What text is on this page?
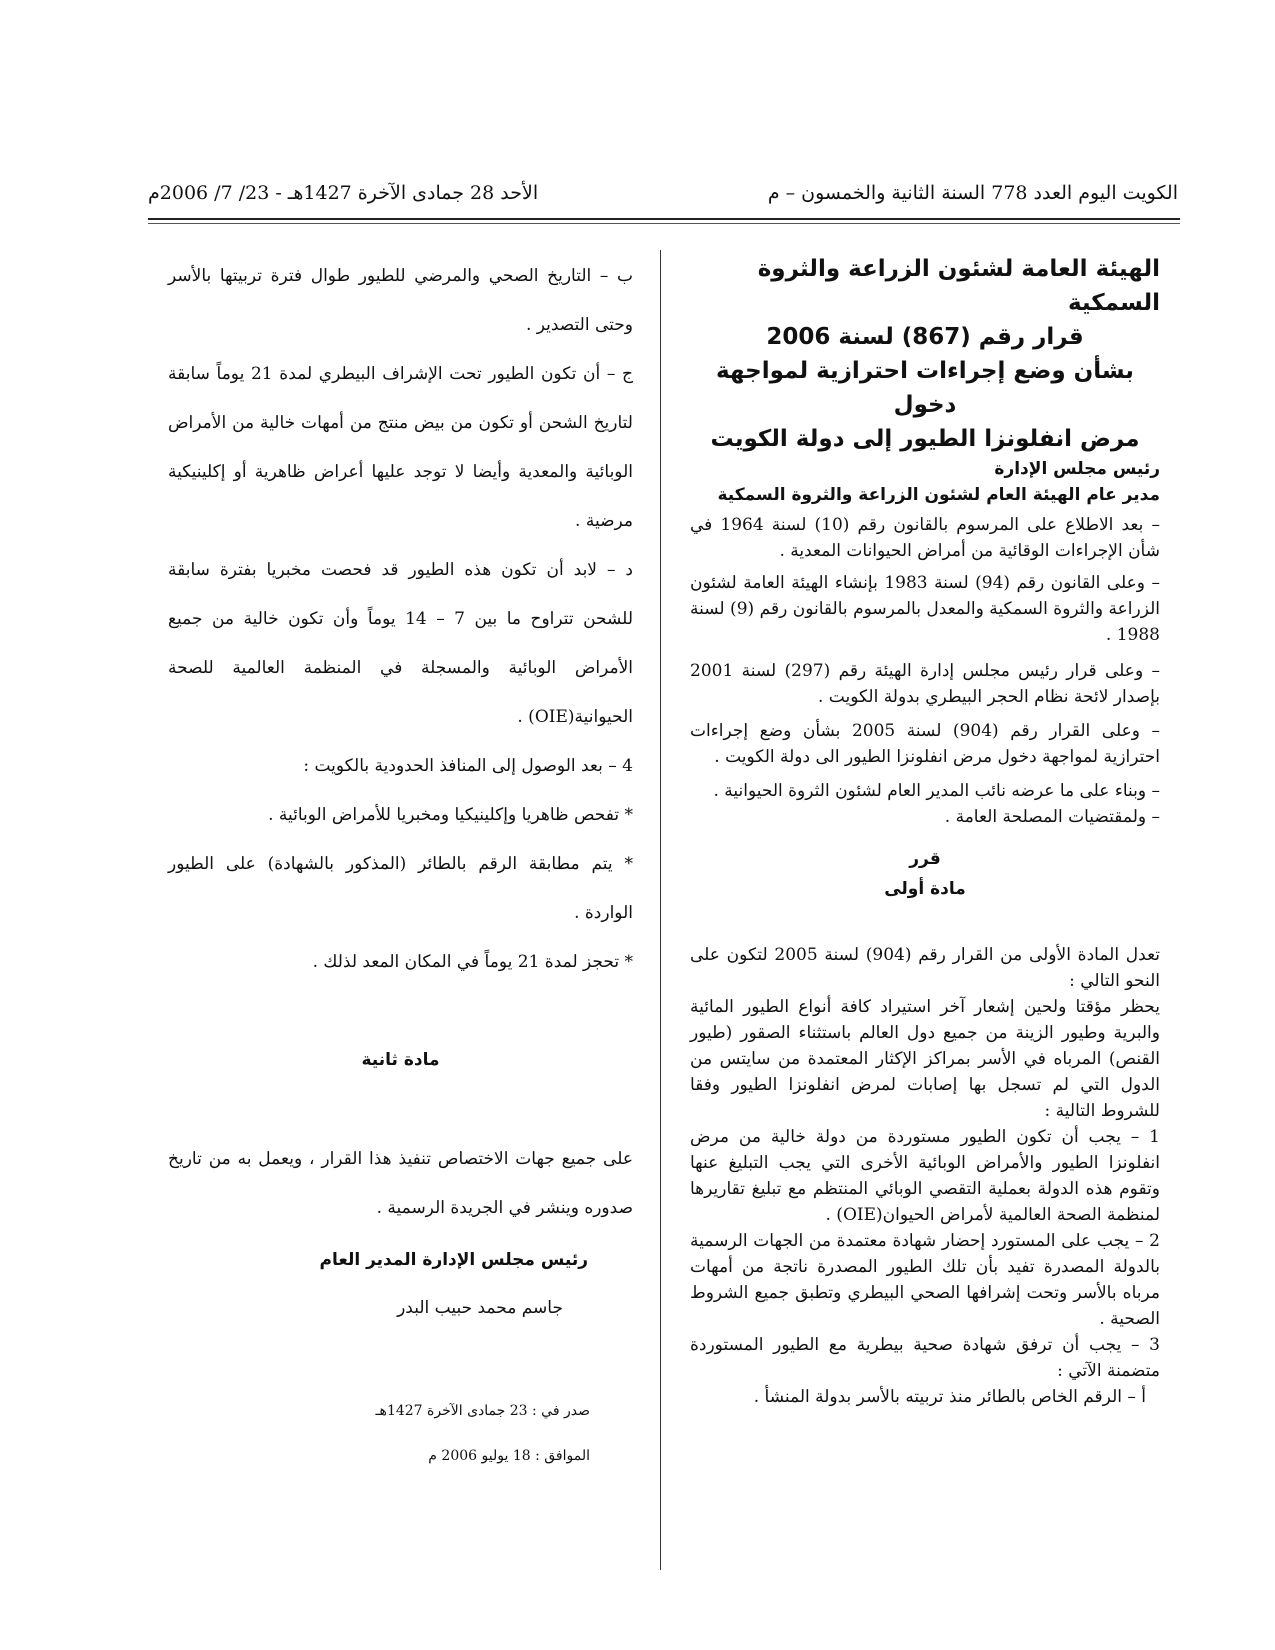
الكويت اليوم العدد 778 السنة الثانية والخمسون – م
الأحد 28 جمادى الآخرة 1427هـ - 23/ 7/ 2006م
الهيئة العامة لشئون الزراعة والثروة السمكية
قرار رقم (867) لسنة 2006
بشأن وضع إجراءات احترازية لمواجهة دخول
مرض انفلونزا الطيور إلى دولة الكويت
رئيس مجلس الإدارة
مدير عام الهيئة العام لشئون الزراعة والثروة السمكية

– بعد الاطلاع على المرسوم بالقانون رقم (10) لسنة 1964 في شأن الإجراءات الوقائية من أمراض الحيوانات المعدية .

– وعلى القانون رقم (94) لسنة 1983 بإنشاء الهيئة العامة لشئون الزراعة والثروة السمكية والمعدل بالمرسوم بالقانون رقم (9) لسنة 1988 .

– وعلى قرار رئيس مجلس إدارة الهيئة رقم (297) لسنة 2001 بإصدار لائحة نظام الحجر البيطري بدولة الكويت .

– وعلى القرار رقم (904) لسنة 2005 بشأن وضع إجراءات احترازية لمواجهة دخول مرض انفلونزا الطيور الى دولة الكويت .

– وبناء على ما عرضه نائب المدير العام لشئون الثروة الحيوانية .

– ولمقتضيات المصلحة العامة .

قرر
مادة أولى

تعدل المادة الأولى من القرار رقم (904) لسنة 2005 لتكون على النحو التالي :

يحظر مؤقتا ولحين إشعار آخر استيراد كافة أنواع الطيور المائية والبرية وطيور الزينة من جميع دول العالم باستثناء الصقور (طيور القنص) المرباه في الأسر بمراكز الإكثار المعتمدة من سايتس من الدول التي لم تسجل بها إصابات لمرض انفلونزا الطيور وفقا للشروط التالية :

1 – يجب أن تكون الطيور مستوردة من دولة خالية من مرض انفلونزا الطيور والأمراض الوبائية الأخرى التي يجب التبليغ عنها وتقوم هذه الدولة بعملية التقصي الوبائي المنتظم مع تبليغ تقاريرها لمنظمة الصحة العالمية لأمراض الحيوان(OIE) .

2 – يجب على المستورد إحضار شهادة معتمدة من الجهات الرسمية بالدولة المصدرة تفيد بأن تلك الطيور المصدرة ناتجة من أمهات مرباه بالأسر وتحت إشرافها الصحي البيطري وتطبق جميع الشروط الصحية .

3 – يجب أن ترفق شهادة صحية بيطرية مع الطيور المستوردة متضمنة الآتي :

أ – الرقم الخاص بالطائر منذ تربيته بالأسر بدولة المنشأ .

ب – التاريخ الصحي والمرضي للطيور طوال فترة تربيتها بالأسر وحتى التصدير .

ج – أن تكون الطيور تحت الإشراف البيطري لمدة 21 يوماً سابقة لتاريخ الشحن أو تكون من بيض منتج من أمهات خالية من الأمراض الوبائية والمعدية وأيضا لا توجد عليها أعراض ظاهرية أو إكلينيكية مرضية .

د – لابد أن تكون هذه الطيور قد فحصت مخبريا بفترة سابقة للشحن تتراوح ما بين 7 – 14 يوماً وأن تكون خالية من جميع الأمراض الوبائية والمسجلة في المنظمة العالمية للصحة الحيوانية(OIE) .

4 – بعد الوصول إلى المنافذ الحدودية بالكويت :

* تفحص ظاهريا وإكلينيكيا ومخبريا للأمراض الوبائية .

* يتم مطابقة الرقم بالطائر (المذكور بالشهادة) على الطيور الواردة .

* تحجز لمدة 21 يوماً في المكان المعد لذلك .

مادة ثانية

على جميع جهات الاختصاص تنفيذ هذا القرار ، ويعمل به من تاريخ صدوره وينشر في الجريدة الرسمية .

رئيس مجلس الإدارة المدير العام
جاسم محمد حبيب البدر
صدر في : 23 جمادى الآخرة 1427هـ
الموافق : 18 يوليو 2006 م
